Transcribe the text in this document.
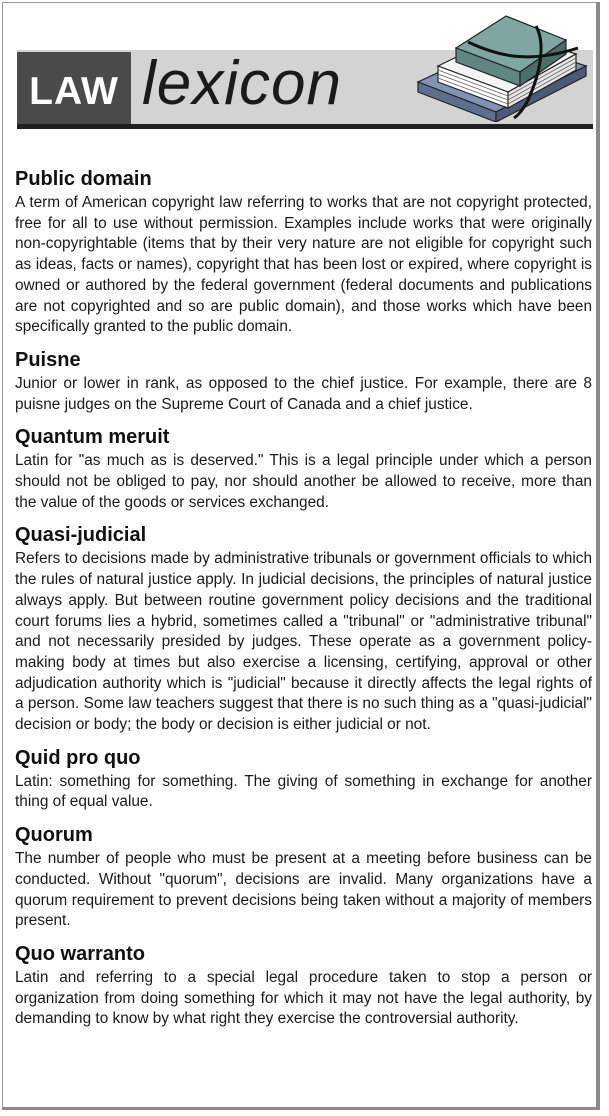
LAW lexicon
Public domain

A term of American copyright law referring to works that are not copyright protected, free for all to use without permission. Examples include works that were originally non-copyrightable (items that by their very nature are not eligible for copyright such as ideas, facts or names), copyright that has been lost or expired, where copyright is owned or authored by the federal government (federal documents and publications are not copyrighted and so are public domain), and those works which have been specifically granted to the public domain.

Puisne

Junior or lower in rank, as opposed to the chief justice. For example, there are 8 puisne judges on the Supreme Court of Canada and a chief justice.

Quantum meruit

Latin for "as much as is deserved." This is a legal principle under which a person should not be obliged to pay, nor should another be allowed to receive, more than the value of the goods or services exchanged.

Quasi-judicial

Refers to decisions made by administrative tribunals or government officials to which the rules of natural justice apply. In judicial decisions, the principles of natural justice always apply. But between routine government policy decisions and the traditional court forums lies a hybrid, sometimes called a "tribunal" or "administrative tribunal" and not necessarily presided by judges. These operate as a government policy-making body at times but also exercise a licensing, certifying, approval or other adjudication authority which is "judicial" because it directly affects the legal rights of a person. Some law teachers suggest that there is no such thing as a "quasi-judicial" decision or body; the body or decision is either judicial or not.

Quid pro quo

Latin: something for something. The giving of something in exchange for another thing of equal value.

Quorum

The number of people who must be present at a meeting before business can be conducted. Without "quorum", decisions are invalid. Many organizations have a quorum requirement to prevent decisions being taken without a majority of members present.

Quo warranto

Latin and referring to a special legal procedure taken to stop a person or organization from doing something for which it may not have the legal authority, by demanding to know by what right they exercise the controversial authority.
